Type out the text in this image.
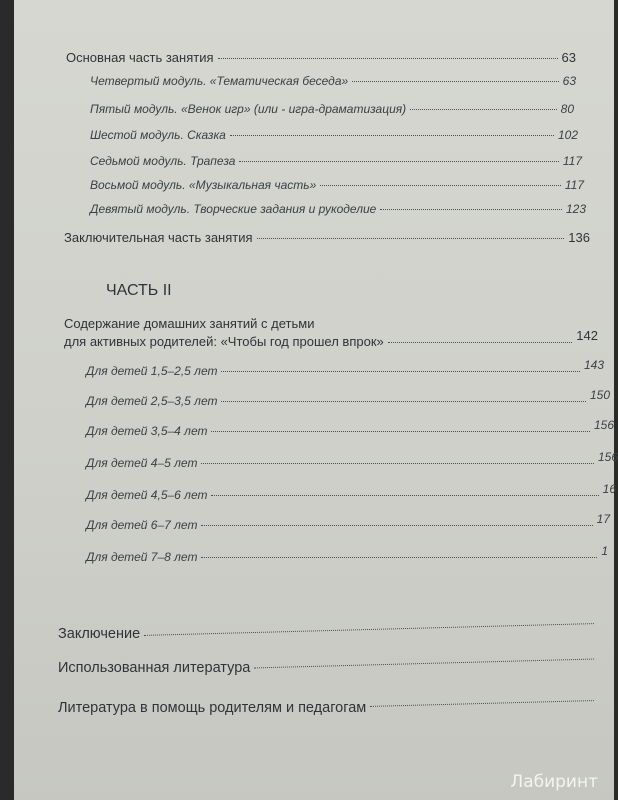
Основная часть занятия	63
Четвертый модуль. «Тематическая беседа»	63
Пятый модуль. «Венок игр» (или - игра-драматизация)	80
Шестой модуль. Сказка	102
Седьмой модуль. Трапеза	117
Восьмой модуль. «Музыкальная часть»	117
Девятый модуль. Творческие задания и рукоделие	123
Заключительная часть занятия	136
ЧАСТЬ II
Содержание домашних занятий с детьми
для активных родителей: «Чтобы год прошел впрок»	142
Для детей 1,5–2,5 лет	143
Для детей 2,5–3,5 лет	150
Для детей 3,5–4 лет	156
Для детей 4–5 лет	156
Для детей 4,5–6 лет	16
Для детей 6–7 лет	17
Для детей 7–8 лет	1
Заключение
Использованная литература
Литература в помощь родителям и педагогам
Лабиринт
